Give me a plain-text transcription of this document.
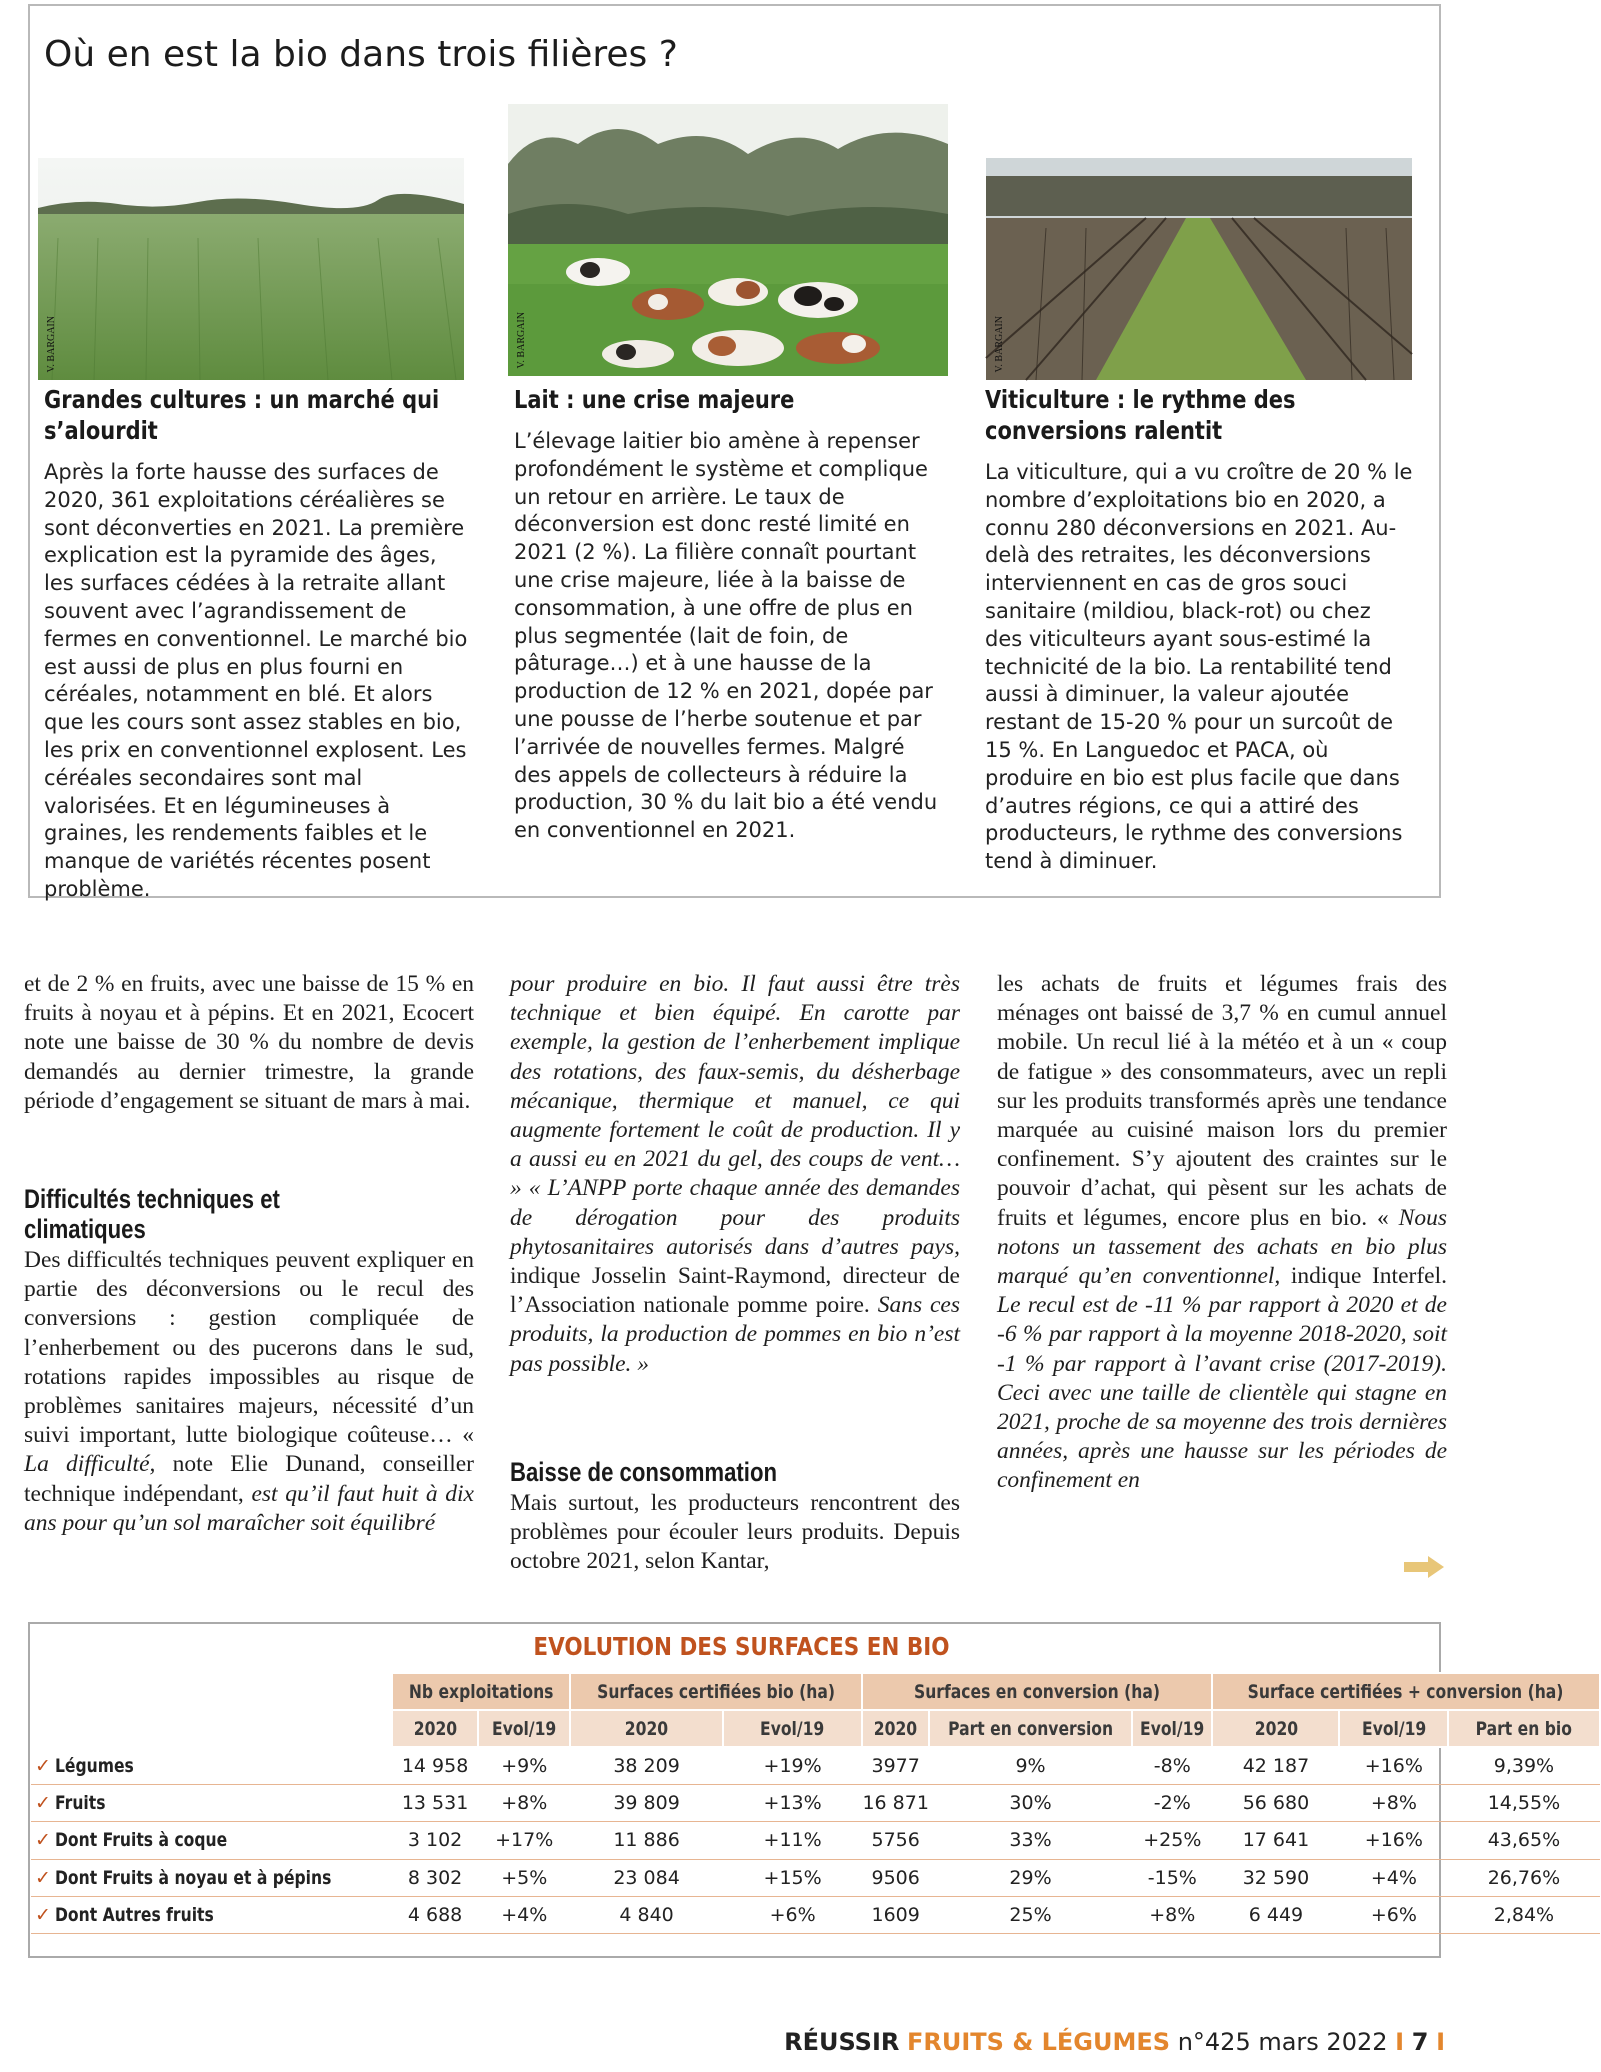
Où en est la bio dans trois filières ?
V. BARGAIN	V. BARGAIN	V. BARGAIN
Grandes cultures : un marché qui s’alourdit
Après la forte hausse des surfaces de 2020, 361 exploitations céréalières se sont déconverties en 2021. La première explication est la pyramide des âges, les surfaces cédées à la retraite allant souvent avec l’agrandissement de fermes en conventionnel. Le marché bio est aussi de plus en plus fourni en céréales, notamment en blé. Et alors que les cours sont assez stables en bio, les prix en conventionnel explosent. Les céréales secondaires sont mal valorisées. Et en légumineuses à graines, les rendements faibles et le manque de variétés récentes posent problème.
Lait : une crise majeure
L’élevage laitier bio amène à repenser profondément le système et complique un retour en arrière. Le taux de déconversion est donc resté limité en 2021 (2 %). La filière connaît pourtant une crise majeure, liée à la baisse de consommation, à une offre de plus en plus segmentée (lait de foin, de pâturage…) et à une hausse de la production de 12 % en 2021, dopée par une pousse de l’herbe soutenue et par l’arrivée de nouvelles fermes. Malgré des appels de collecteurs à réduire la production, 30 % du lait bio a été vendu en conventionnel en 2021.
Viticulture : le rythme des conversions ralentit
La viticulture, qui a vu croître de 20 % le nombre d’exploitations bio en 2020, a connu 280 déconversions en 2021. Au-delà des retraites, les déconversions interviennent en cas de gros souci sanitaire (mildiou, black-rot) ou chez des viticulteurs ayant sous-estimé la technicité de la bio. La rentabilité tend aussi à diminuer, la valeur ajoutée restant de 15-20 % pour un surcoût de 15 %. En Languedoc et PACA, où produire en bio est plus facile que dans d’autres régions, ce qui a attiré des producteurs, le rythme des conversions tend à diminuer.
et de 2 % en fruits, avec une baisse de 15 % en fruits à noyau et à pépins. Et en 2021, Ecocert note une baisse de 30 % du nombre de devis demandés au dernier trimestre, la grande période d’engagement se situant de mars à mai.
Difficultés techniques et climatiques
Des difficultés techniques peuvent expliquer en partie des déconversions ou le recul des conversions : gestion compliquée de l’enherbement ou des pucerons dans le sud, rotations rapides impossibles au risque de problèmes sanitaires majeurs, nécessité d’un suivi important, lutte biologique coûteuse… « La difficulté, note Elie Dunand, conseiller technique indépendant, est qu’il faut huit à dix ans pour qu’un sol maraîcher soit équilibré
pour produire en bio. Il faut aussi être très technique et bien équipé. En carotte par exemple, la gestion de l’enherbement implique des rotations, des faux-semis, du désherbage mécanique, thermique et manuel, ce qui augmente fortement le coût de production. Il y a aussi eu en 2021 du gel, des coups de vent… » « L’ANPP porte chaque année des demandes de dérogation pour des produits phytosanitaires autorisés dans d’autres pays, indique Josselin Saint-Raymond, directeur de l’Association nationale pomme poire. Sans ces produits, la production de pommes en bio n’est pas possible. »
Baisse de consommation
Mais surtout, les producteurs rencontrent des problèmes pour écouler leurs produits. Depuis octobre 2021, selon Kantar,
les achats de fruits et légumes frais des ménages ont baissé de 3,7 % en cumul annuel mobile. Un recul lié à la météo et à un « coup de fatigue » des consommateurs, avec un repli sur les produits transformés après une tendance marquée au cuisiné maison lors du premier confinement. S’y ajoutent des craintes sur le pouvoir d’achat, qui pèsent sur les achats de fruits et légumes, encore plus en bio. « Nous notons un tassement des achats en bio plus marqué qu’en conventionnel, indique Interfel. Le recul est de -11 % par rapport à 2020 et de -6 % par rapport à la moyenne 2018-2020, soit -1 % par rapport à l’avant crise (2017-2019). Ceci avec une taille de clientèle qui stagne en 2021, proche de sa moyenne des trois dernières années, après une hausse sur les périodes de confinement en
EVOLUTION DES SURFACES EN BIO
	Nb exploitations		Surfaces certifiées bio (ha)		Surfaces en conversion (ha)			Surface certifiées + conversion (ha)		
	2020	Evol/19	2020	Evol/19	2020	Part en conversion	Evol/19	2020	Evol/19	Part en bio
✓ Légumes	14 958	+9%	38 209	+19%	3977	9%	-8%	42 187	+16%	9,39%
✓ Fruits	13 531	+8%	39 809	+13%	16 871	30%	-2%	56 680	+8%	14,55%
✓ Dont Fruits à coque	3 102	+17%	11 886	+11%	5756	33%	+25%	17 641	+16%	43,65%
✓ Dont Fruits à noyau et à pépins	8 302	+5%	23 084	+15%	9506	29%	-15%	32 590	+4%	26,76%
✓ Dont Autres fruits	4 688	+4%	4 840	+6%	1609	25%	+8%	6 449	+6%	2,84%
RÉUSSIR FRUITS & LÉGUMES n°425 mars 2022 I 7 I
